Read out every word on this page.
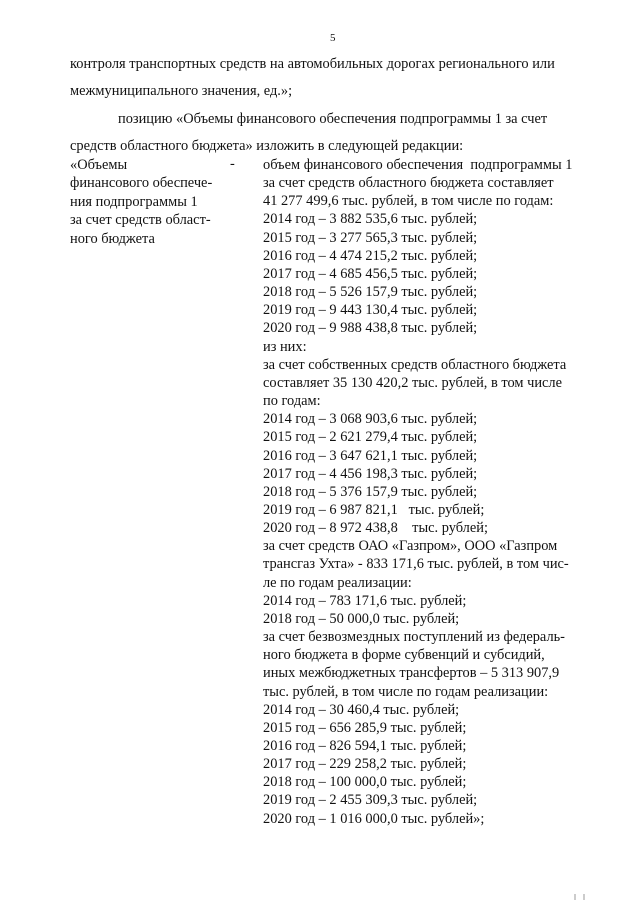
5
контроля транспортных средств на автомобильных дорогах регионального или
межмуниципального значения, ед.»;
позицию «Объемы финансового обеспечения подпрограммы 1 за счет
средств областного бюджета» изложить в следующей редакции:
«Объемы
финансового обеспече-
ния подпрограммы 1
за счет средств област-
ного бюджета
- объем финансового обеспечения  подпрограммы 1
за счет средств областного бюджета составляет
41 277 499,6 тыс. рублей, в том числе по годам:
2014 год – 3 882 535,6 тыс. рублей;
2015 год – 3 277 565,3 тыс. рублей;
2016 год – 4 474 215,2 тыс. рублей;
2017 год – 4 685 456,5 тыс. рублей;
2018 год – 5 526 157,9 тыс. рублей;
2019 год – 9 443 130,4 тыс. рублей;
2020 год – 9 988 438,8 тыс. рублей;
из них:
за счет собственных средств областного бюджета
составляет 35 130 420,2 тыс. рублей, в том числе
по годам:
2014 год – 3 068 903,6 тыс. рублей;
2015 год – 2 621 279,4 тыс. рублей;
2016 год – 3 647 621,1 тыс. рублей;
2017 год – 4 456 198,3 тыс. рублей;
2018 год – 5 376 157,9 тыс. рублей;
2019 год – 6 987 821,1   тыс. рублей;
2020 год – 8 972 438,8    тыс. рублей;
за счет средств ОАО «Газпром», ООО «Газпром
трансгаз Ухта» - 833 171,6 тыс. рублей, в том чис-
ле по годам реализации:
2014 год – 783 171,6 тыс. рублей;
2018 год – 50 000,0 тыс. рублей;
за счет безвозмездных поступлений из федераль-
ного бюджета в форме субвенций и субсидий,
иных межбюджетных трансфертов – 5 313 907,9
тыс. рублей, в том числе по годам реализации:
2014 год – 30 460,4 тыс. рублей;
2015 год – 656 285,9 тыс. рублей;
2016 год – 826 594,1 тыс. рублей;
2017 год – 229 258,2 тыс. рублей;
2018 год – 100 000,0 тыс. рублей;
2019 год – 2 455 309,3 тыс. рублей;
2020 год – 1 016 000,0 тыс. рублей»;
